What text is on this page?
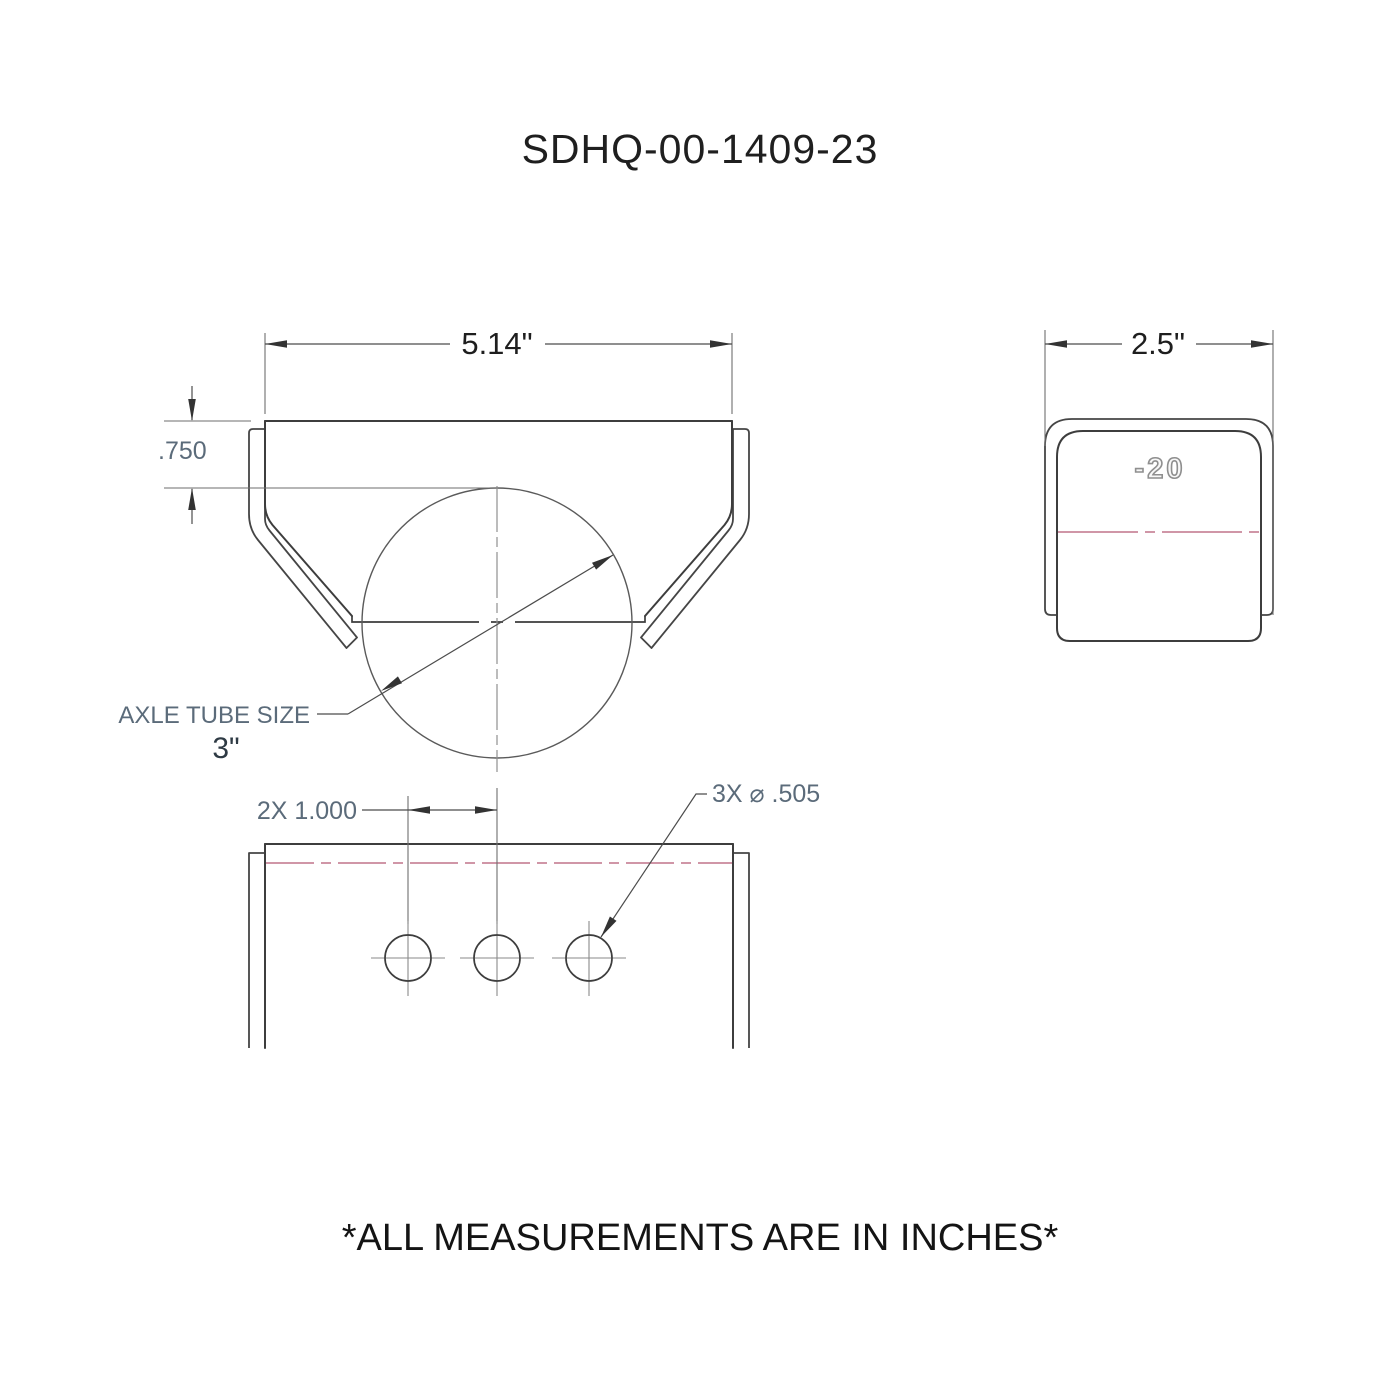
SDHQ-00-1409-23
5.14"
.750
AXLE TUBE SIZE
3"
2X 1.000
3X ⌀ .505
-20
2.5"
*ALL MEASUREMENTS ARE IN INCHES*
